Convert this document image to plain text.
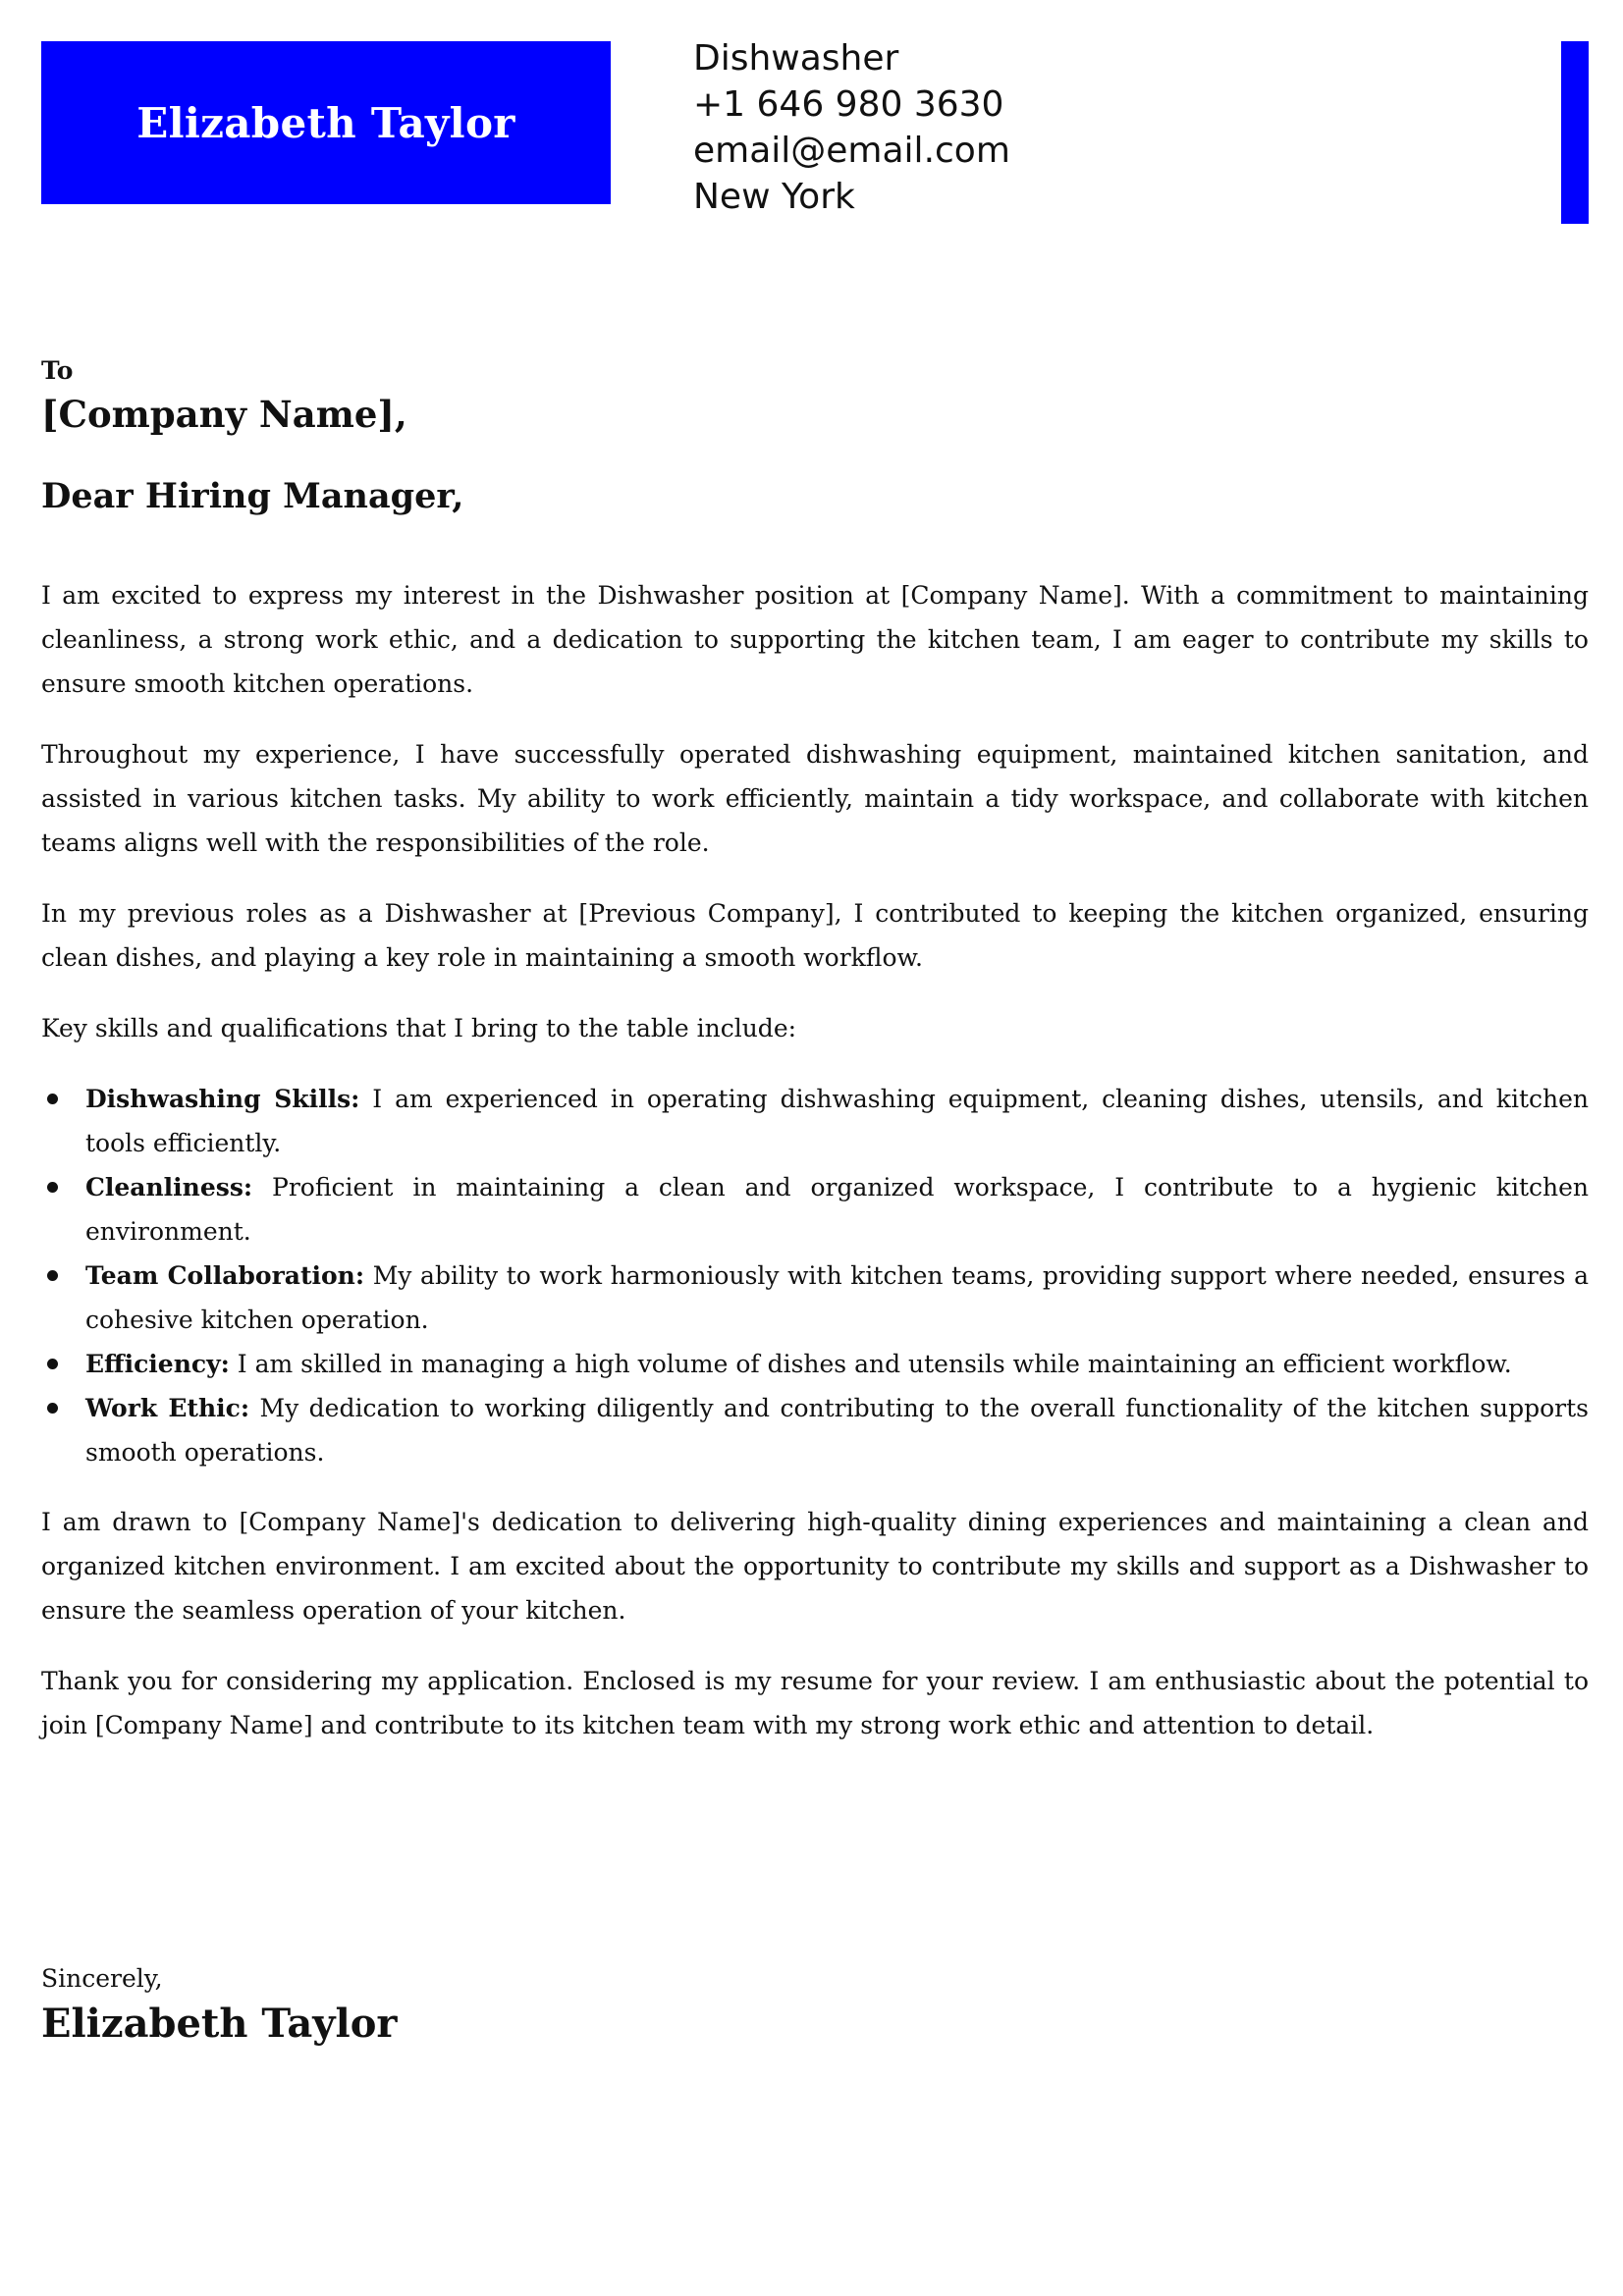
Elizabeth Taylor
Dishwasher
+1 646 980 3630
email@email.com
New York

To

[Company Name],

Dear Hiring Manager,

I am excited to express my interest in the Dishwasher position at [Company Name]. With a commitment to maintaining cleanliness, a strong work ethic, and a dedication to supporting the kitchen team, I am eager to contribute my skills to ensure smooth kitchen operations.

Throughout my experience, I have successfully operated dishwashing equipment, maintained kitchen sanitation, and assisted in various kitchen tasks. My ability to work efficiently, maintain a tidy workspace, and collaborate with kitchen teams aligns well with the responsibilities of the role.

In my previous roles as a Dishwasher at [Previous Company], I contributed to keeping the kitchen organized, ensuring clean dishes, and playing a key role in maintaining a smooth workflow.

Key skills and qualifications that I bring to the table include:

Dishwashing Skills: I am experienced in operating dishwashing equipment, cleaning dishes, utensils, and kitchen tools efficiently.
Cleanliness: Proficient in maintaining a clean and organized workspace, I contribute to a hygienic kitchen environment.
Team Collaboration: My ability to work harmoniously with kitchen teams, providing support where needed, ensures a cohesive kitchen operation.
Efficiency: I am skilled in managing a high volume of dishes and utensils while maintaining an efficient workflow.
Work Ethic: My dedication to working diligently and contributing to the overall functionality of the kitchen supports smooth operations.

I am drawn to [Company Name]'s dedication to delivering high-quality dining experiences and maintaining a clean and organized kitchen environment. I am excited about the opportunity to contribute my skills and support as a Dishwasher to ensure the seamless operation of your kitchen.

Thank you for considering my application. Enclosed is my resume for your review. I am enthusiastic about the potential to join [Company Name] and contribute to its kitchen team with my strong work ethic and attention to detail.

Sincerely,

Elizabeth Taylor
